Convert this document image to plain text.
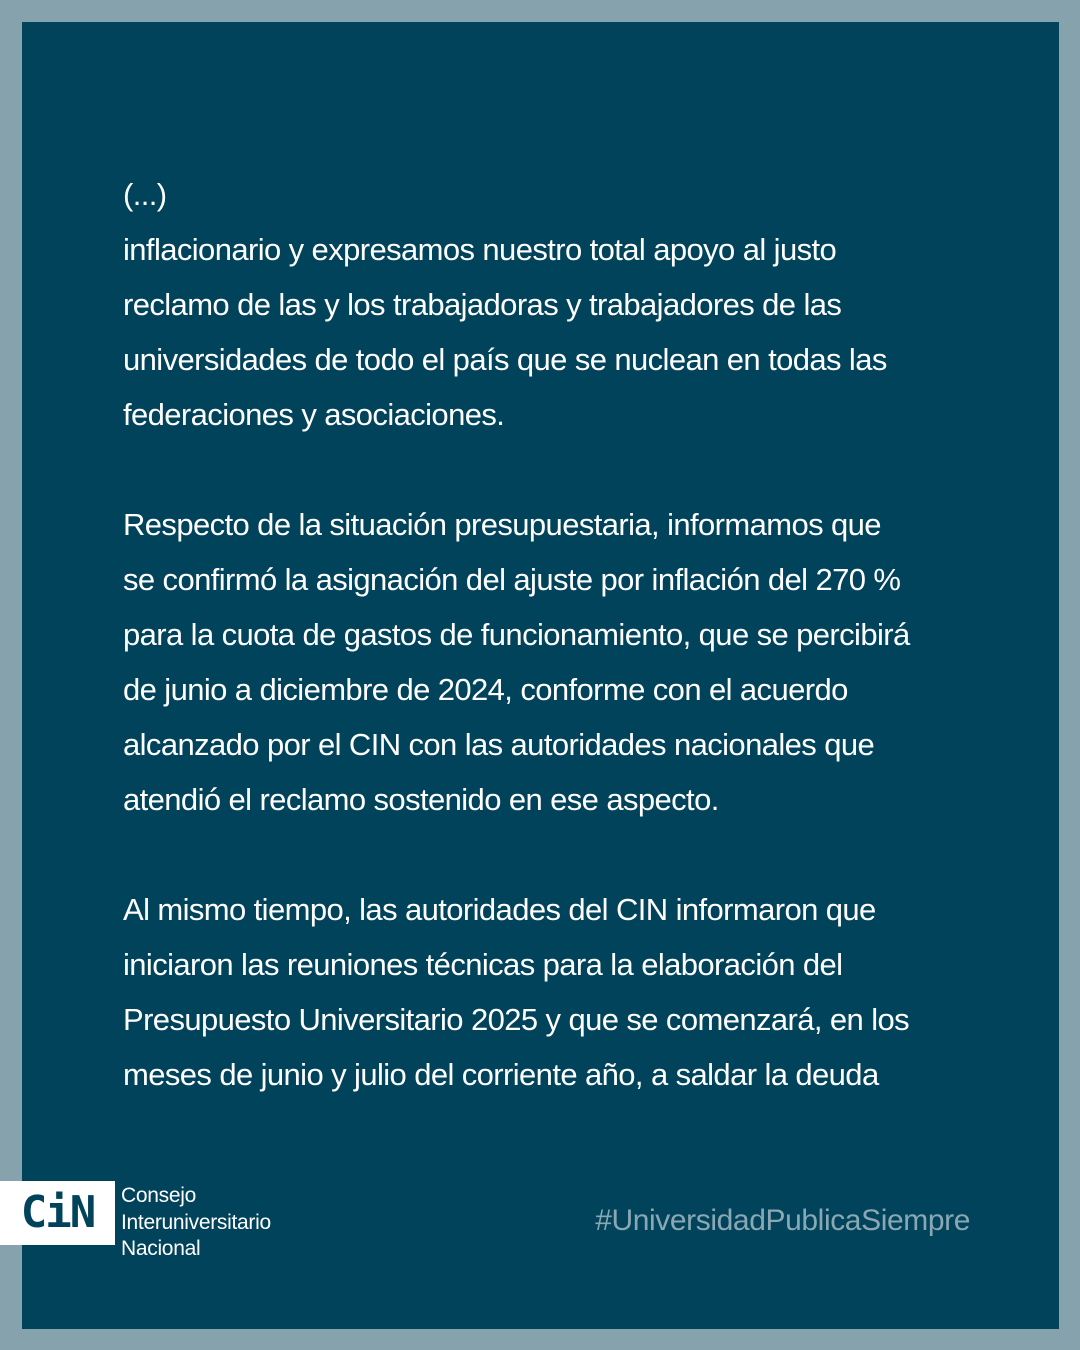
(...)
inflacionario y expresamos nuestro total apoyo al justo
reclamo de las y los trabajadoras y trabajadores de las
universidades de todo el país que se nuclean en todas las
federaciones y asociaciones.
Respecto de la situación presupuestaria, informamos que
se confirmó la asignación del ajuste por inflación del 270 %
para la cuota de gastos de funcionamiento, que se percibirá
de junio a diciembre de 2024, conforme con el acuerdo
alcanzado por el CIN con las autoridades nacionales que
atendió el reclamo sostenido en ese aspecto.
Al mismo tiempo, las autoridades del CIN informaron que
iniciaron las reuniones técnicas para la elaboración del
Presupuesto Universitario 2025 y que se comenzará, en los
meses de junio y julio del corriente año, a saldar la deuda
CiN Consejo
Interuniversitario
Nacional
#UniversidadPublicaSiempre
